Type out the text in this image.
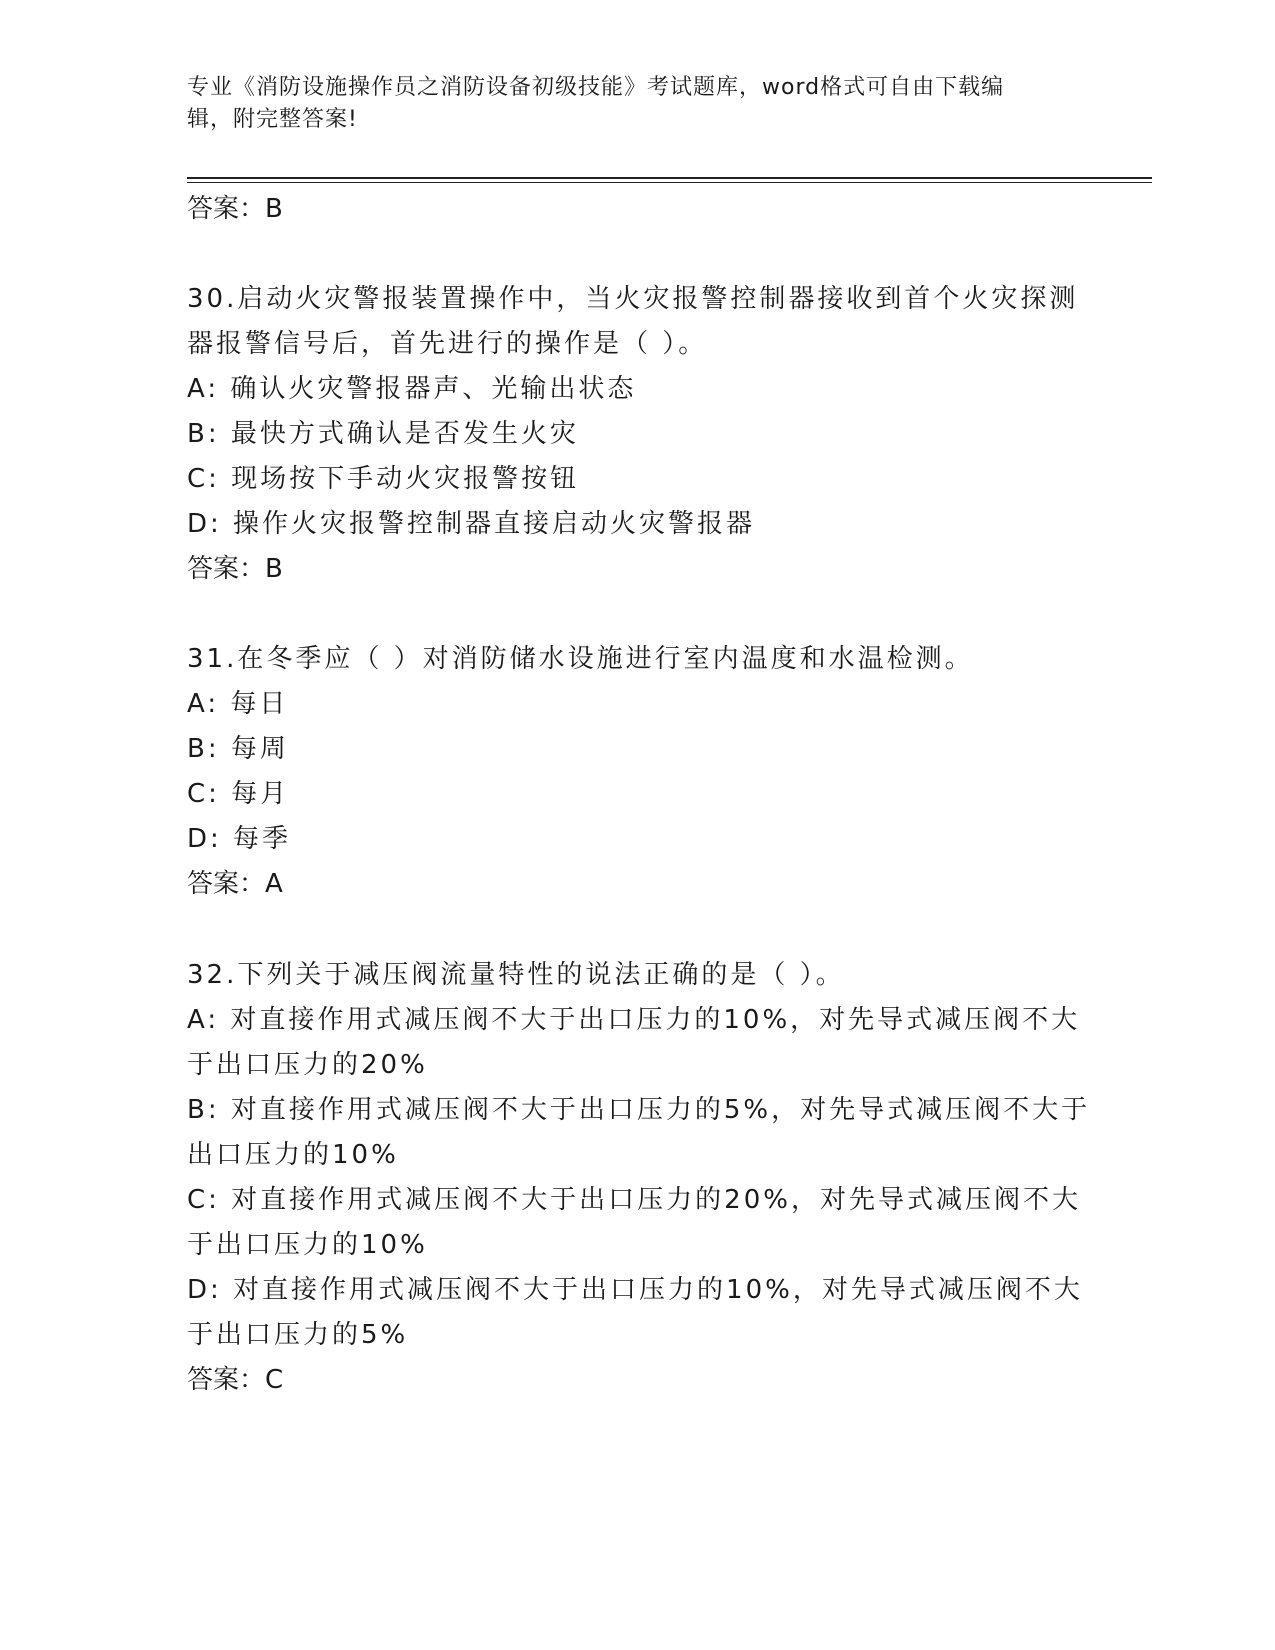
专业《消防设施操作员之消防设备初级技能》考试题库，word格式可自由下载编
辑，附完整答案!
答案：B
30.启动火灾警报装置操作中，当火灾报警控制器接收到首个火灾探测
器报警信号后，首先进行的操作是（ ）。
A: 确认火灾警报器声、光输出状态
B: 最快方式确认是否发生火灾
C: 现场按下手动火灾报警按钮
D: 操作火灾报警控制器直接启动火灾警报器
答案：B
31.在冬季应（ ）对消防储水设施进行室内温度和水温检测。
A: 每日
B: 每周
C: 每月
D: 每季
答案：A
32.下列关于减压阀流量特性的说法正确的是（ ）。
A: 对直接作用式减压阀不大于出口压力的10%，对先导式减压阀不大
于出口压力的20%
B: 对直接作用式减压阀不大于出口压力的5%，对先导式减压阀不大于
出口压力的10%
C: 对直接作用式减压阀不大于出口压力的20%，对先导式减压阀不大
于出口压力的10%
D: 对直接作用式减压阀不大于出口压力的10%，对先导式减压阀不大
于出口压力的5%
答案：C
